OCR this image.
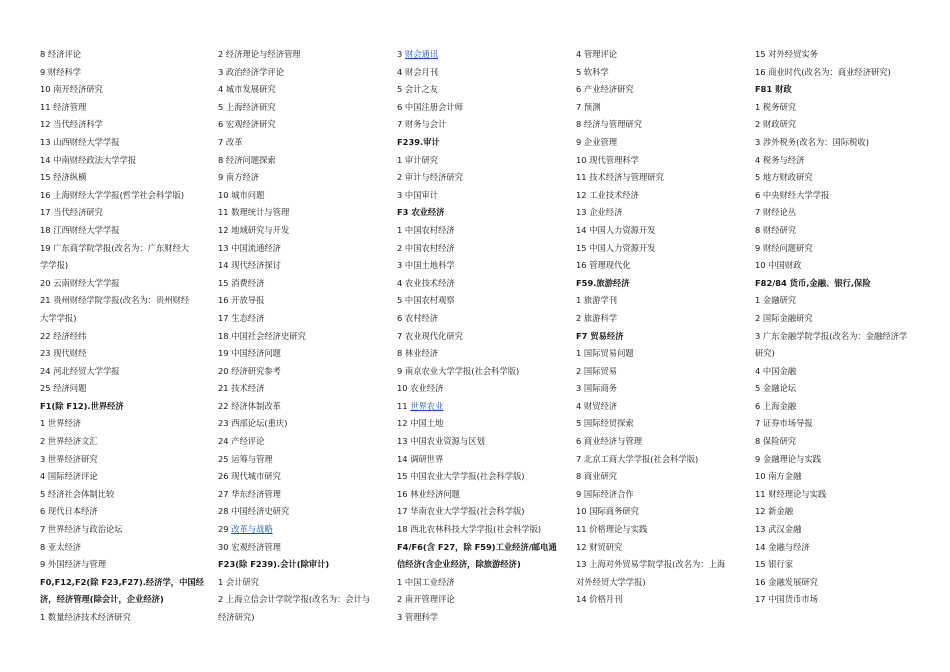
8 经济评论
9 财经科学
10 南开经济研究
11 经济管理
12 当代经济科学
13 山西财经大学学报
14 中南财经政法大学学报
15 经济纵横
16 上海财经大学学报(哲学社会科学版)
17 当代经济研究
18 江西财经大学学报
19 广东商学院学报(改名为：广东财经大
学学报)
20 云南财经大学学报
21 贵州财经学院学报(改名为：贵州财经
大学学报)
22 经济经纬
23 现代财经
24 河北经贸大学学报
25 经济问题
F1(除 F12).世界经济
1 世界经济
2 世界经济文汇
3 世界经济研究
4 国际经济评论
5 经济社会体制比较
6 现代日本经济
7 世界经济与政治论坛
8 亚太经济
9 外国经济与管理
F0,F12,F2(除 F23,F27).经济学，中国经
济，经济管理(除会计，企业经济)
1 数量经济技术经济研究
2 经济理论与经济管理
3 政治经济学评论
4 城市发展研究
5 上海经济研究
6 宏观经济研究
7 改革
8 经济问题探索
9 南方经济
10 城市问题
11 数理统计与管理
12 地域研究与开发
13 中国流通经济
14 现代经济探讨
15 消费经济
16 开放导报
17 生态经济
18 中国社会经济史研究
19 中国经济问题
20 经济研究参考
21 技术经济
22 经济体制改革
23 西部论坛(重庆)
24 产经评论
25 运筹与管理
26 现代城市研究
27 华东经济管理
28 中国经济史研究
29 改革与战略
30 宏观经济管理
F23(除 F239).会计(除审计)
1 会计研究
2 上海立信会计学院学报(改名为：会计与
经济研究)
3 财会通讯
4 财会月刊
5 会计之友
6 中国注册会计师
7 财务与会计
F239.审计
1 审计研究
2 审计与经济研究
3 中国审计
F3 农业经济
1 中国农村经济
2 中国农村经济
3 中国土地科学
4 农业技术经济
5 中国农村观察
6 农村经济
7 农业现代化研究
8 林业经济
9 南京农业大学学报(社会科学版)
10 农业经济
11 世界农业
12 中国土地
13 中国农业资源与区划
14 调研世界
15 中国农业大学学报(社会科学版)
16 林业经济问题
17 华南农业大学学报(社会科学版)
18 西北农林科技大学学报(社会科学版)
F4/F6(含 F27，除 F59)工业经济/邮电通
信经济(含企业经济，除旅游经济)
1 中国工业经济
2 南开管理评论
3 管理科学
4 管理评论
5 软科学
6 产业经济研究
7 预测
8 经济与管理研究
9 企业管理
10 现代管理科学
11 技术经济与管理研究
12 工业技术经济
13 企业经济
14 中国人力资源开发
15 中国人力资源开发
16 管理现代化
F59.旅游经济
1 旅游学刊
2 旅游科学
F7 贸易经济
1 国际贸易问题
2 国际贸易
3 国际商务
4 财贸经济
5 国际经贸探索
6 商业经济与管理
7 北京工商大学学报(社会科学版)
8 商业研究
9 国际经济合作
10 国际商务研究
11 价格理论与实践
12 财贸研究
13 上海对外贸易学院学报(改名为：上海
对外经贸大学学报)
14 价格月刊
15 对外经贸实务
16 商业时代(改名为：商业经济研究)
F81 财政
1 税务研究
2 财政研究
3 涉外税务(改名为：国际税收)
4 税务与经济
5 地方财政研究
6 中央财经大学学报
7 财经论丛
8 财经研究
9 财经问题研究
10 中国财政
F82/84 货币,金融、银行,保险
1 金融研究
2 国际金融研究
3 广东金融学院学报(改名为：金融经济学
研究)
4 中国金融
5 金融论坛
6 上海金融
7 证券市场导报
8 保险研究
9 金融理论与实践
10 南方金融
11 财经理论与实践
12 新金融
13 武汉金融
14 金融与经济
15 银行家
16 金融发展研究
17 中国货币市场
